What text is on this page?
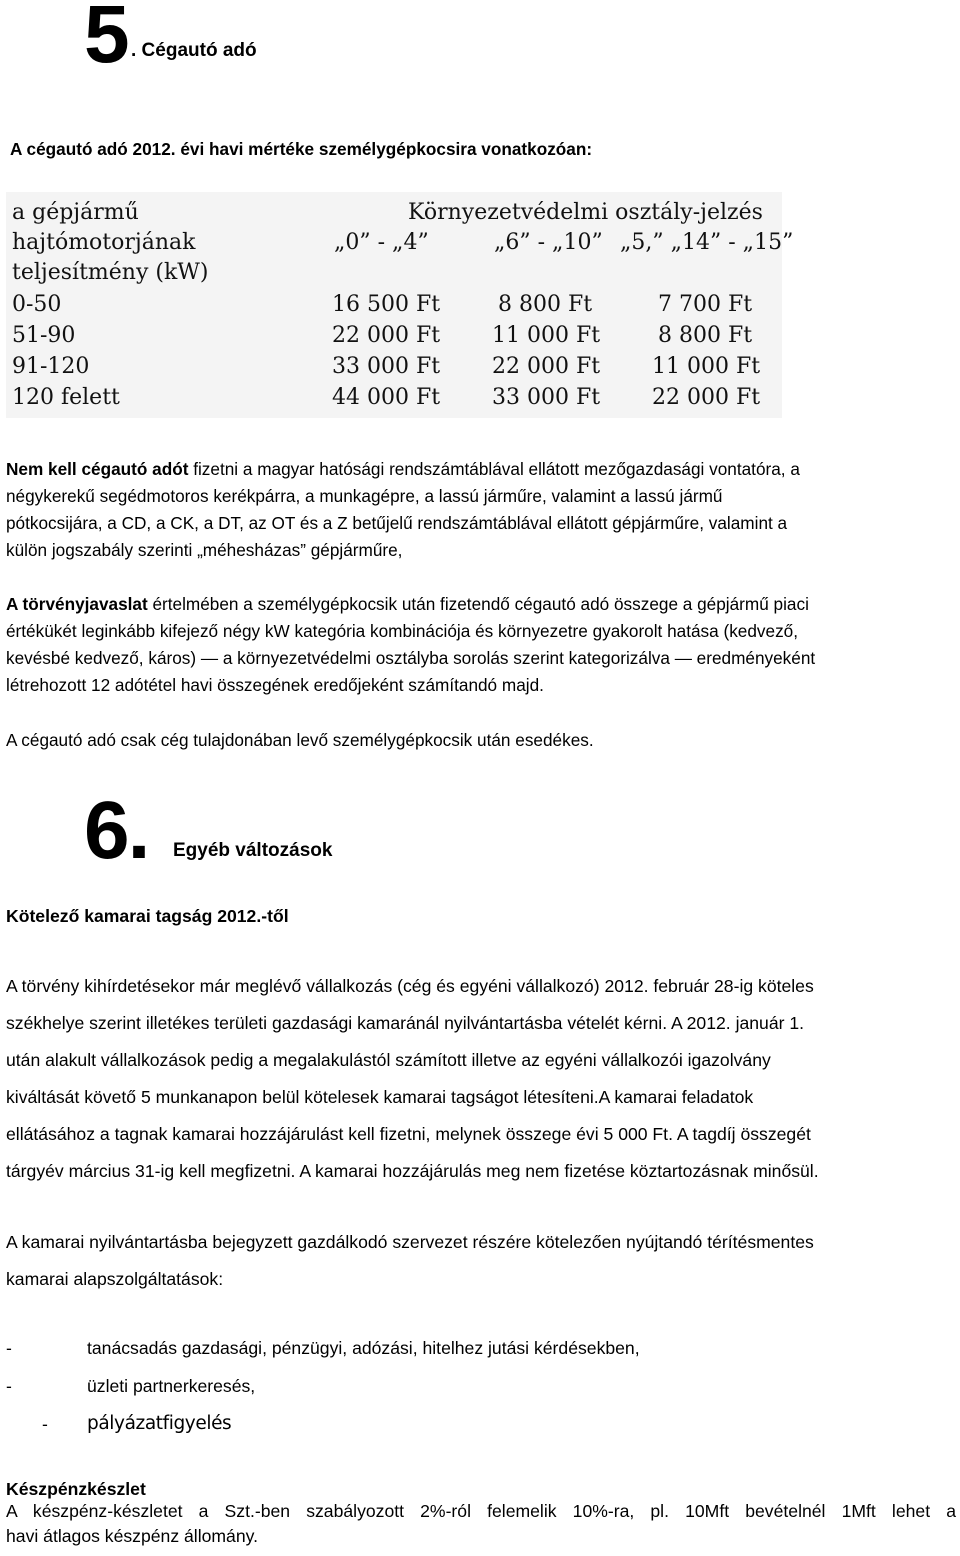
5 . Cégautó adó
A cégautó adó 2012. évi havi mértéke személygépkocsira vonatkozóan:
a gépjármű
hajtómotorjának
teljesítmény (kW)
Környezetvédelmi osztály-jelzés
„0” - „4”	„6” - „10” „5,” „14” - „15”
0-50	16 500 Ft	8 800 Ft	7 700 Ft
51-90	22 000 Ft 11 000 Ft	8 800 Ft
91-120	33 000 Ft 22 000 Ft 11 000 Ft
120 felett	44 000 Ft 33 000 Ft 22 000 Ft

Nem kell cégautó adót fizetni a magyar hatósági rendszámtáblával ellátott mezőgazdasági vontatóra, a

négykerekű segédmotoros kerékpárra, a munkagépre, a lassú járműre, valamint a lassú jármű

pótkocsijára, a CD, a CK, a DT, az OT és a Z betűjelű rendszámtáblával ellátott gépjárműre, valamint a

külön jogszabály szerinti „méhesházas” gépjárműre,

A törvényjavaslat értelmében a személygépkocsik után fizetendő cégautó adó összege a gépjármű piaci

értékükét leginkább kifejező négy kW kategória kombinációja és környezetre gyakorolt hatása (kedvező,

kevésbé kedvező, káros) — a környezetvédelmi osztályba sorolás szerint kategorizálva — eredményeként

létrehozott 12 adótétel havi összegének eredőjeként számítandó majd.

A cégautó adó csak cég tulajdonában levő személygépkocsik után esedékes.
6. Egyéb változások
Kötelező kamarai tagság 2012.-től

A törvény kihírdetésekor már meglévő vállalkozás (cég és egyéni vállalkozó) 2012. február 28-ig köteles

székhelye szerint illetékes területi gazdasági kamaránál nyilvántartásba vételét kérni. A 2012. január 1.

után alakult vállalkozások pedig a megalakulástól számított illetve az egyéni vállalkozói igazolvány

kiváltását követő 5 munkanapon belül kötelesek kamarai tagságot létesíteni.A kamarai feladatok

ellátásához a tagnak kamarai hozzájárulást kell fizetni, melynek összege évi 5 000 Ft. A tagdíj összegét

tárgyév március 31-ig kell megfizetni. A kamarai hozzájárulás meg nem fizetése köztartozásnak minősül.

A kamarai nyilvántartásba bejegyzett gazdálkodó szervezet részére kötelezően nyújtandó térítésmentes

kamarai alapszolgáltatások:

-	tanácsadás gazdasági, pénzügyi, adózási, hitelhez jutási kérdésekben,
-	üzleti partnerkeresés,
- pályázatfigyelés
Készpénzkészlet

A készpénz-készletet a Szt.-ben szabályozott 2%-ról felemelik 10%-ra, pl. 10Mft bevételnél 1Mft lehet a

havi átlagos készpénz állomány.
